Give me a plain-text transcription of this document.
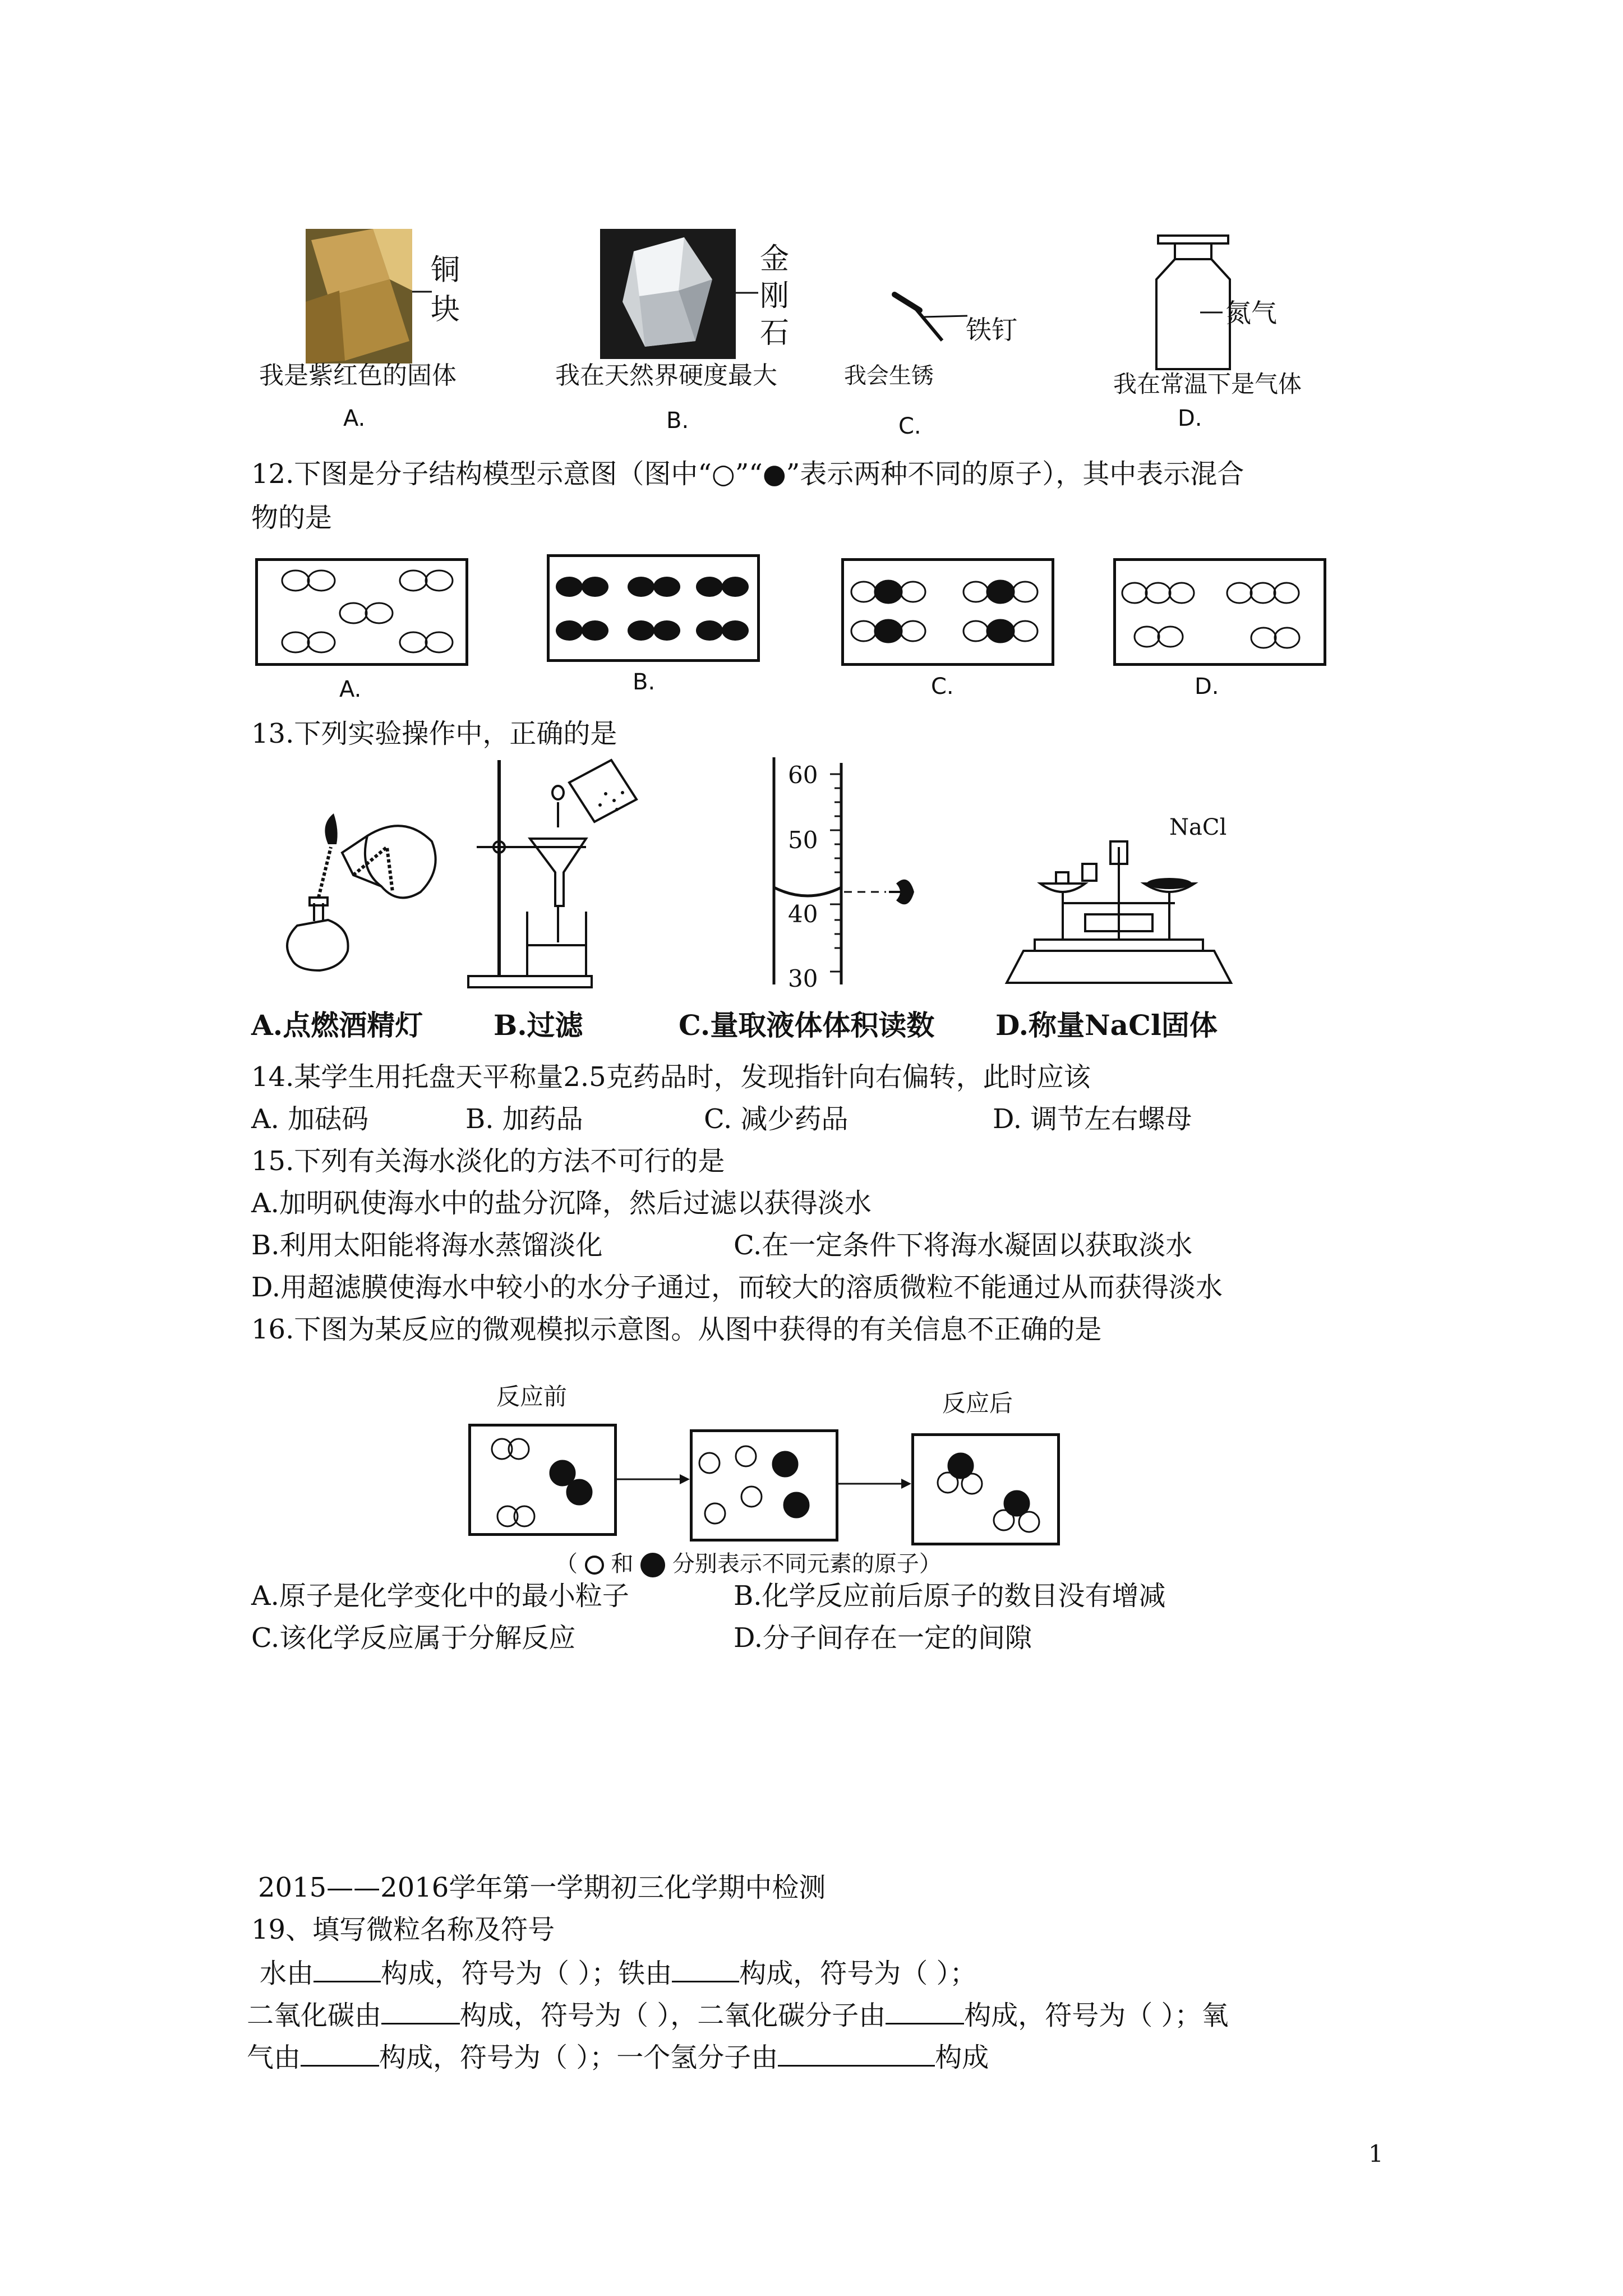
铜
块
我是紫红色的固体
A.
金
刚
石
我在天然界硬度最大
B.
铁钉
我会生锈
C.
氮气
我在常温下是气体
D.
12.下图是分子结构模型示意图（图中“○”“●”表示两种不同的原子），其中表示混合
物的是
A.	B.	C.	D.
13.下列实验操作中，正确的是
60
50
40
30
NaCl
A.点燃酒精灯	B.过滤	C.量取液体体积读数 D.称量NaCl固体
14.某学生用托盘天平称量2.5克药品时，发现指针向右偏转，此时应该
A. 加砝码	B. 加药品	C. 减少药品	D. 调节左右螺母
15.下列有关海水淡化的方法不可行的是
A.加明矾使海水中的盐分沉降，然后过滤以获得淡水
B.利用太阳能将海水蒸馏淡化	C.在一定条件下将海水凝固以获取淡水
D.用超滤膜使海水中较小的水分子通过，而较大的溶质微粒不能通过从而获得淡水
16.下图为某反应的微观模拟示意图。从图中获得的有关信息不正确的是
反应前	反应后
（ 和 分别表示不同元素的原子）
A.原子是化学变化中的最小粒子	B.化学反应前后原子的数目没有增减
C.该化学反应属于分解反应	D.分子间存在一定的间隙
2015——2016学年第一学期初三化学期中检测
19、填写微粒名称及符号
水由	构成，符号为（ ）；铁由	构成，符号为（ ）；
二氧化碳由	构成，符号为（ ），二氧化碳分子由	构成，符号为（ ）；氧
气由	构成，符号为（ ）；一个氢分子由	构成
1
